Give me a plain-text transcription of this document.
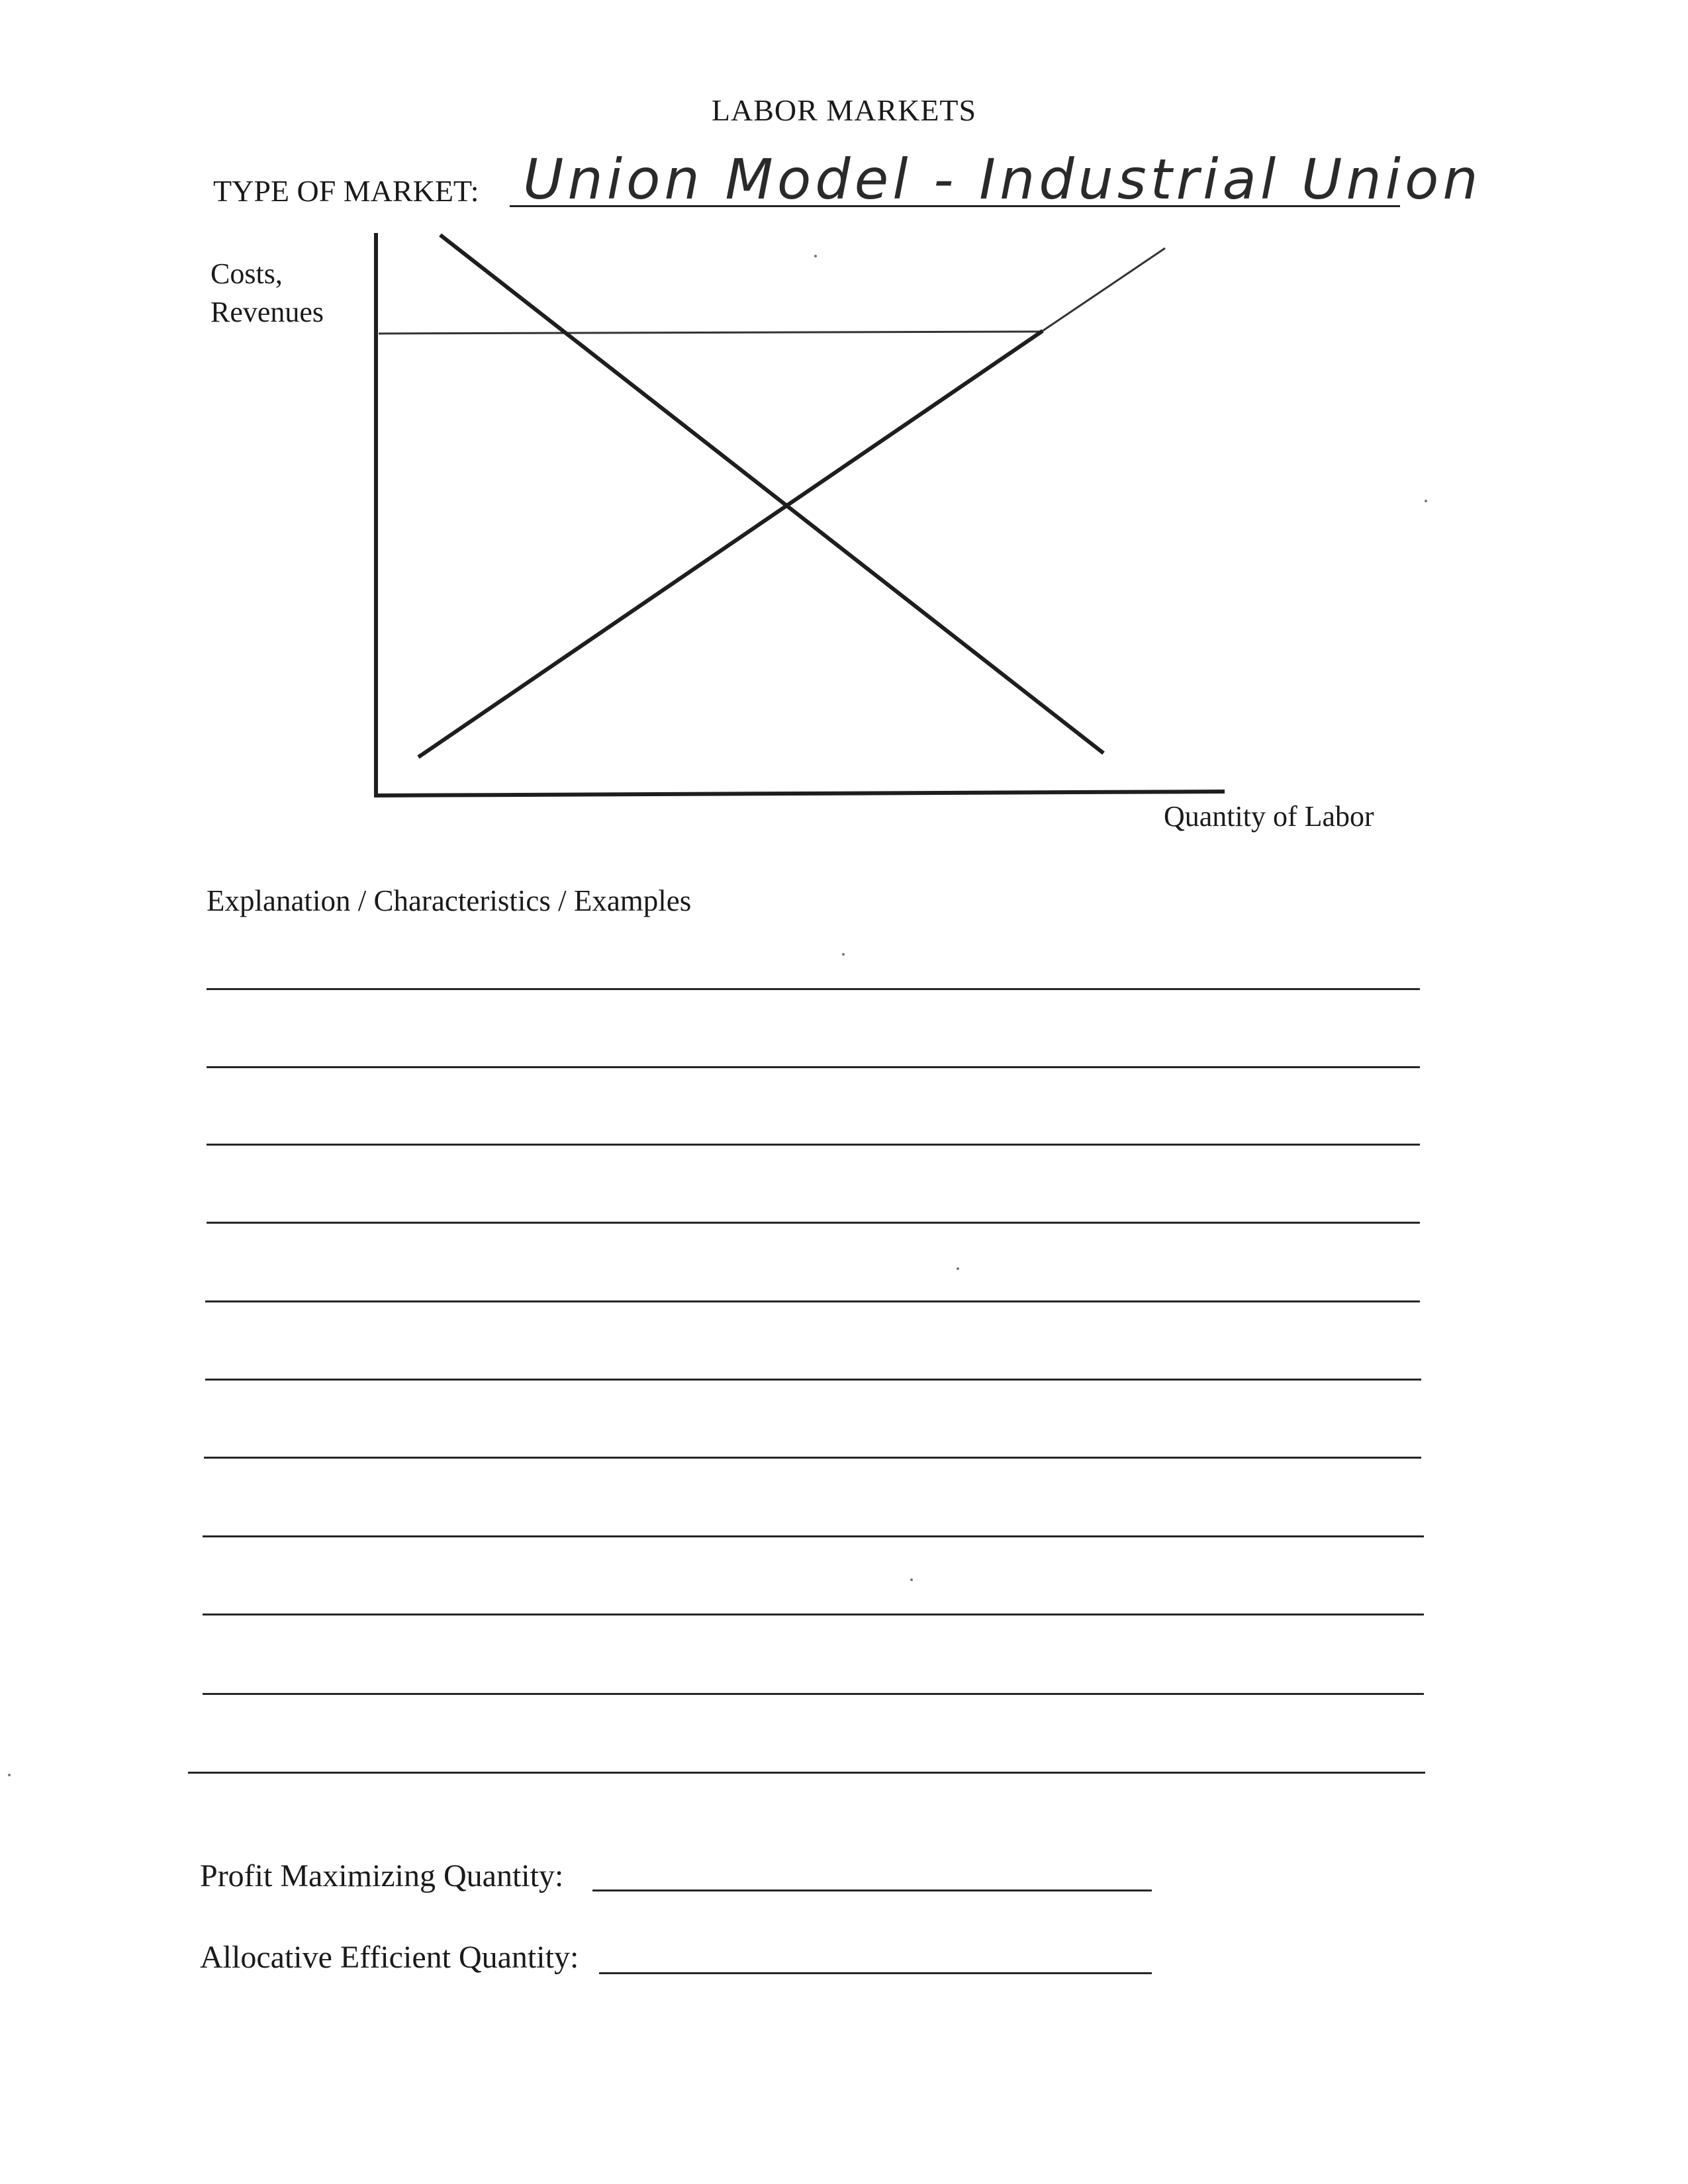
LABOR MARKETS
TYPE OF MARKET: Union Model - Industrial Union
Costs,
Revenues
Quantity of Labor
Explanation / Characteristics / Examples
Profit Maximizing Quantity:
Allocative Efficient Quantity:
